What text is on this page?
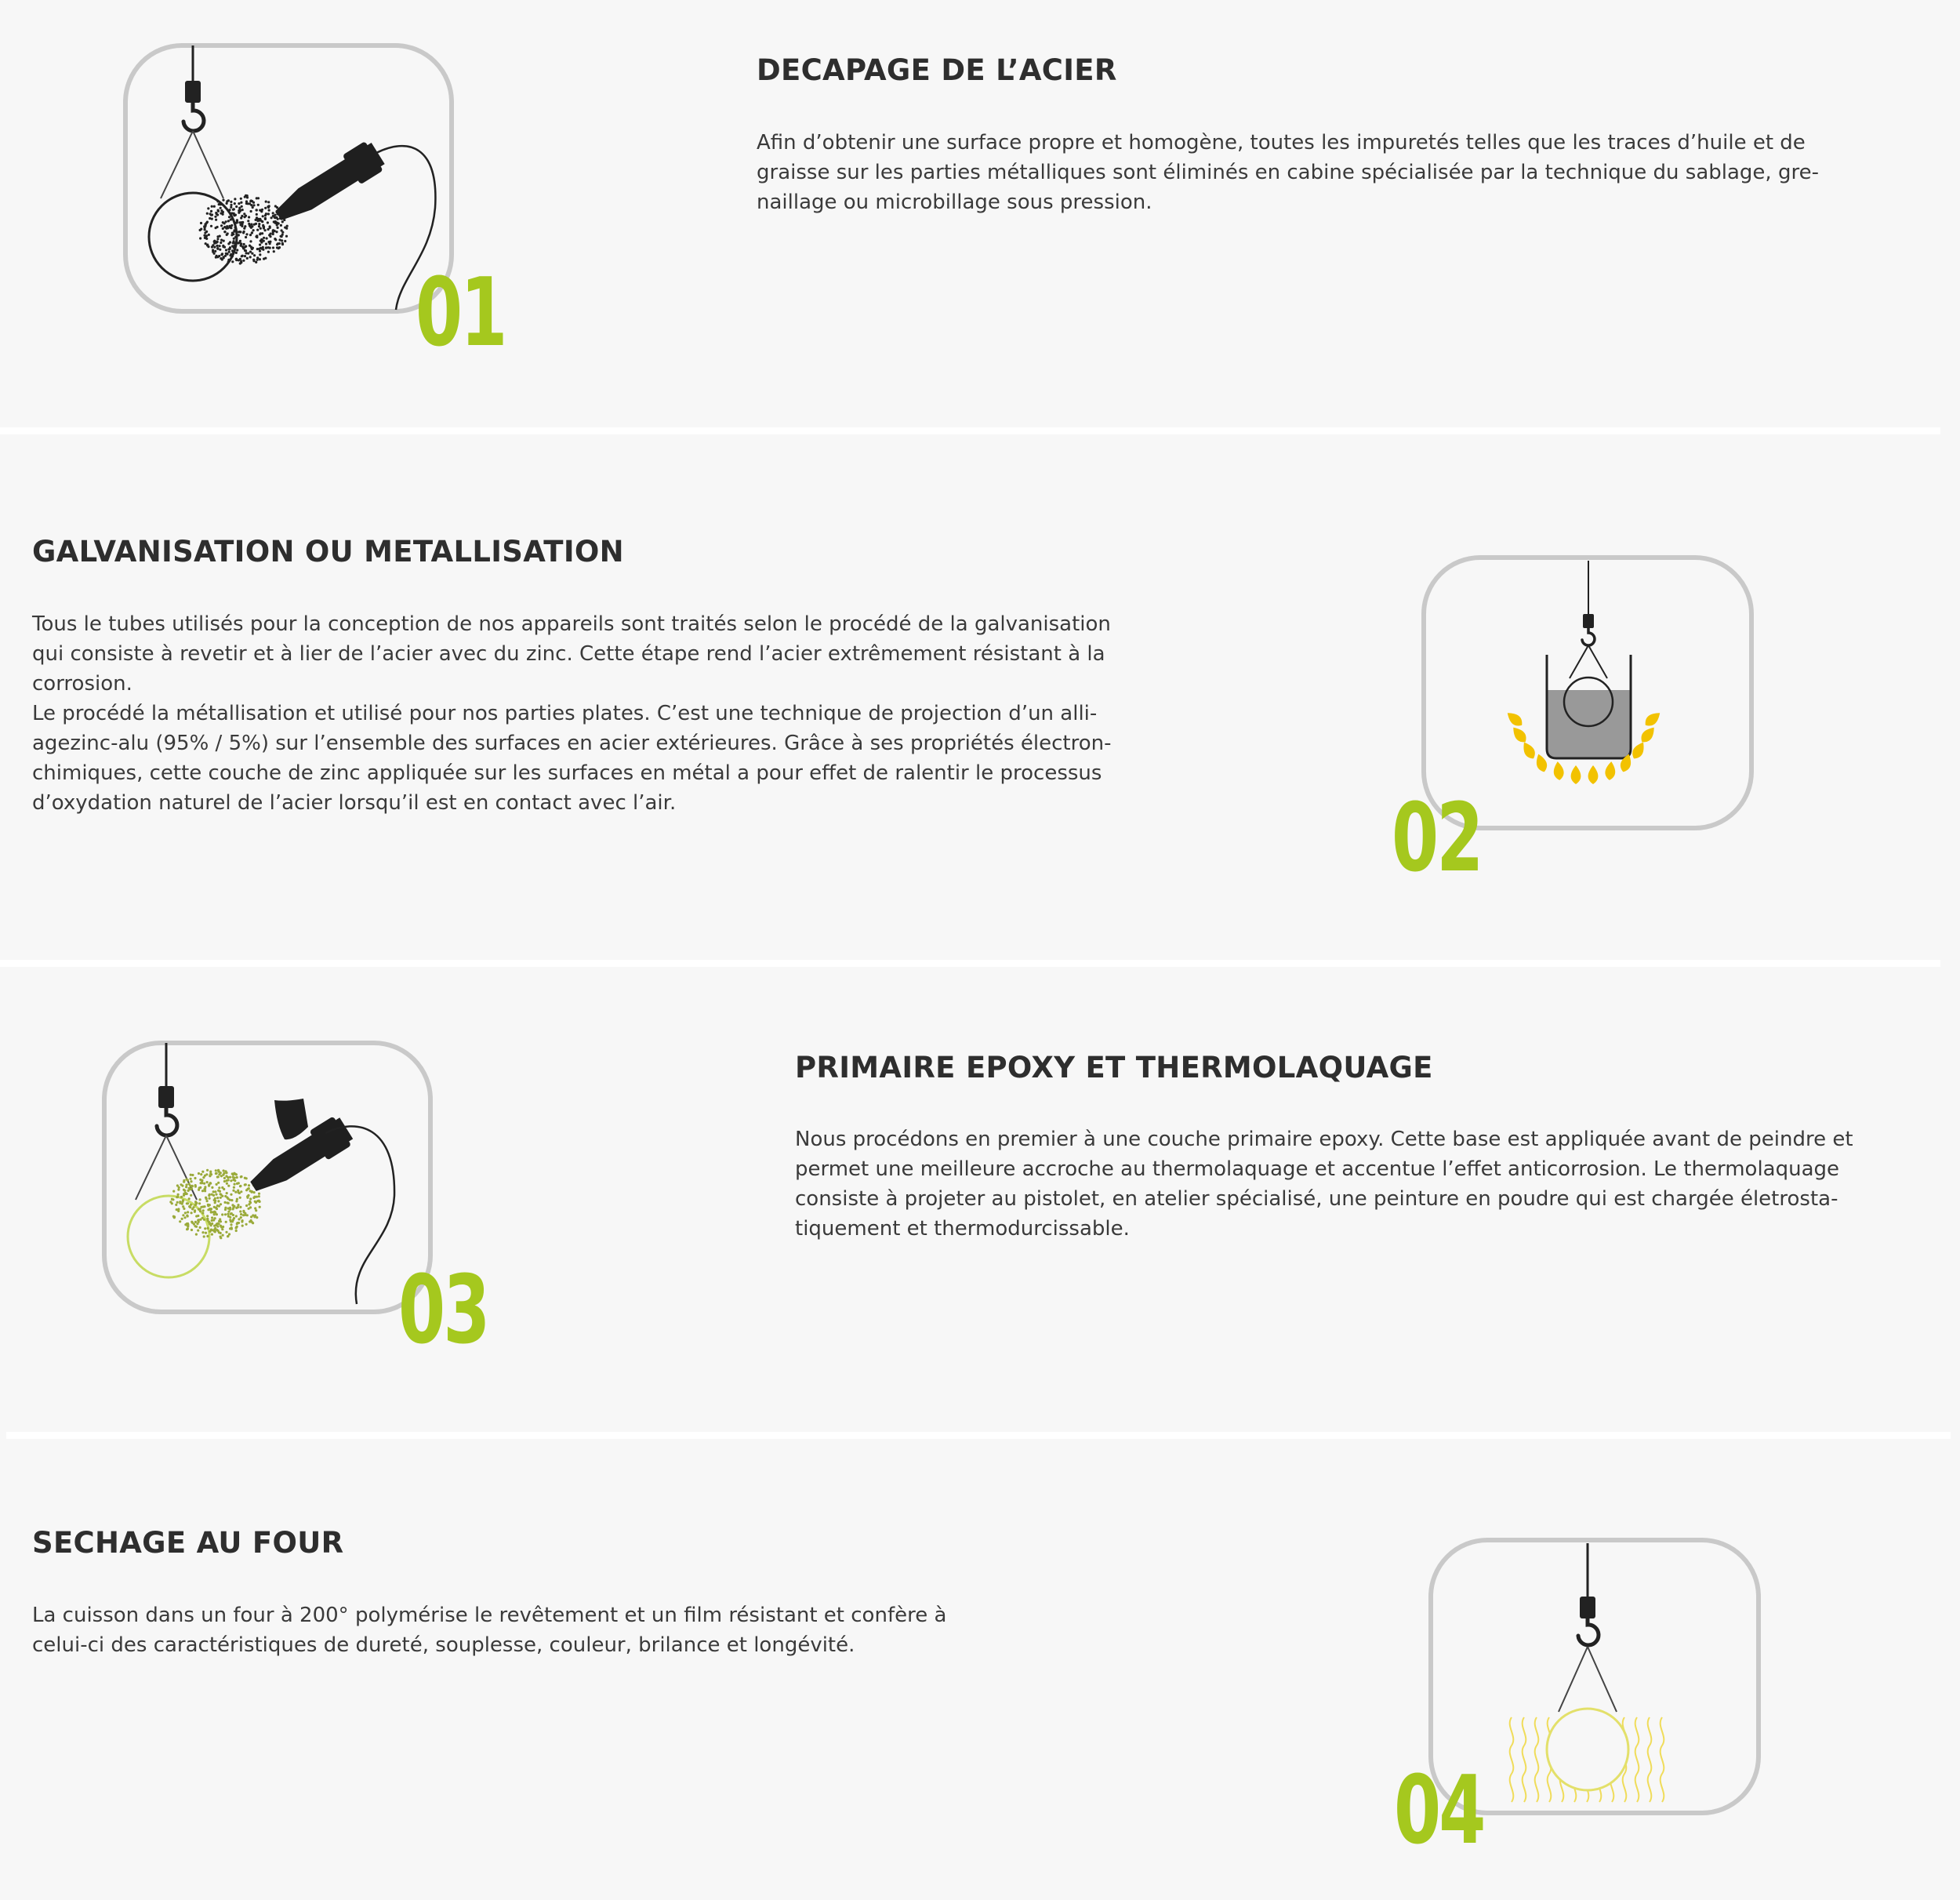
01
DECAPAGE DE L’ACIER

Afin d’obtenir une surface propre et homogène, toutes les impuretés telles que les traces d’huile et de
graisse sur les parties métalliques sont éliminés en cabine spécialisée par la technique du sablage, gre-
naillage ou microbillage sous pression.

GALVANISATION OU METALLISATION

Tous le tubes utilisés pour la conception de nos appareils sont traités selon le procédé de la galvanisation
qui consiste à revetir et à lier de l’acier avec du zinc. Cette étape rend l’acier extrêmement résistant à la
corrosion.
Le procédé la métallisation et utilisé pour nos parties plates. C’est une technique de projection d’un alli-
agezinc-alu (95% / 5%) sur l’ensemble des surfaces en acier extérieures. Grâce à ses propriétés électron-
chimiques, cette couche de zinc appliquée sur les surfaces en métal a pour effet de ralentir le processus
d’oxydation naturel de l’acier lorsqu’il est en contact avec l’air.	02
03
PRIMAIRE EPOXY ET THERMOLAQUAGE

Nous procédons en premier à une couche primaire epoxy. Cette base est appliquée avant de peindre et
permet une meilleure accroche au thermolaquage et accentue l’effet anticorrosion. Le thermolaquage
consiste à projeter au pistolet, en atelier spécialisé, une peinture en poudre qui est chargée életrosta-
tiquement et thermodurcissable.

SECHAGE AU FOUR

La cuisson dans un four à 200° polymérise le revêtement et un film résistant et confère à
celui-ci des caractéristiques de dureté, souplesse, couleur, brilance et longévité.

04
